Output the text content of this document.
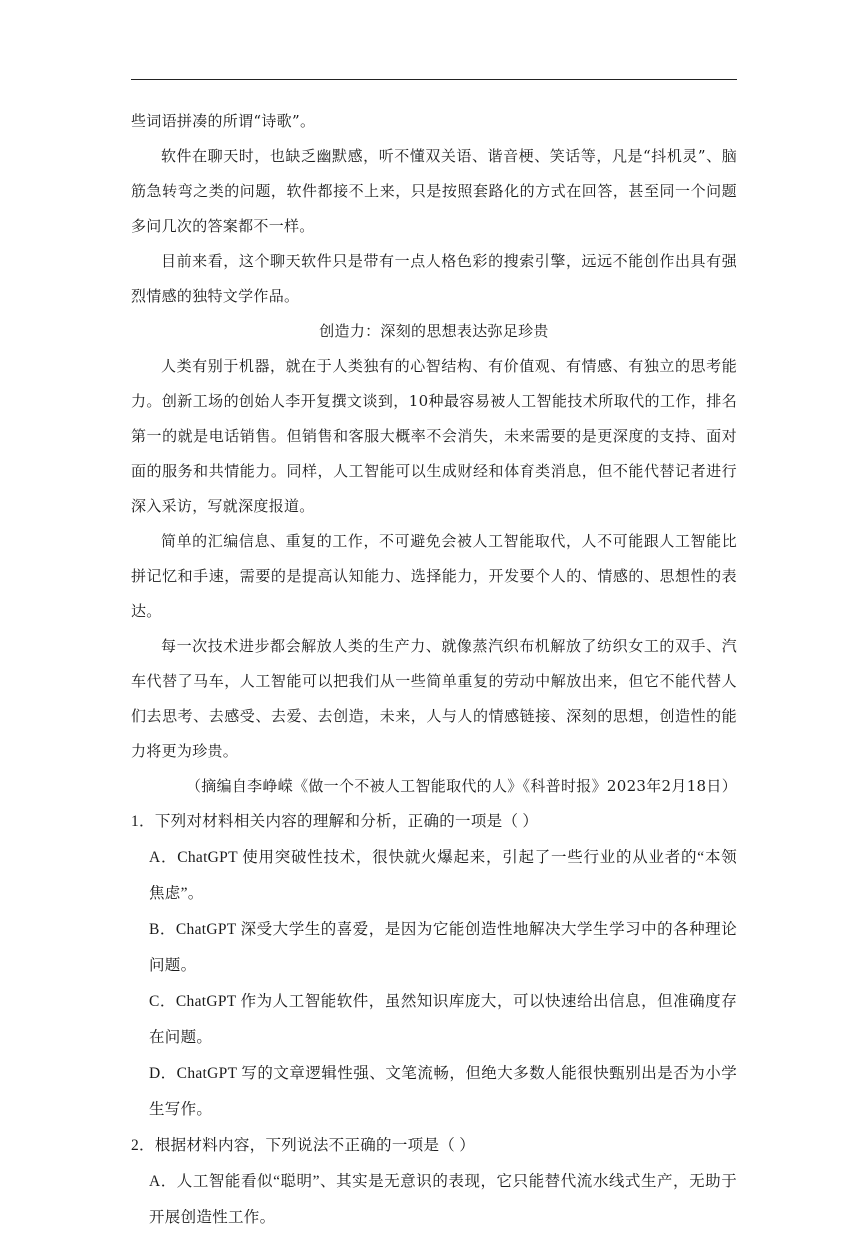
些词语拼凑的所谓“诗歌”。

软件在聊天时，也缺乏幽默感，听不懂双关语、谐音梗、笑话等，凡是“抖机灵”、脑筋急转弯之类的问题，软件都接不上来，只是按照套路化的方式在回答，甚至同一个问题多问几次的答案都不一样。

目前来看，这个聊天软件只是带有一点人格色彩的搜索引擎，远远不能创作出具有强烈情感的独特文学作品。

创造力：深刻的思想表达弥足珍贵

人类有别于机器，就在于人类独有的心智结构、有价值观、有情感、有独立的思考能力。创新工场的创始人李开复撰文谈到，10种最容易被人工智能技术所取代的工作，排名第一的就是电话销售。但销售和客服大概率不会消失，未来需要的是更深度的支持、面对面的服务和共情能力。同样，人工智能可以生成财经和体育类消息，但不能代替记者进行深入采访，写就深度报道。

简单的汇编信息、重复的工作，不可避免会被人工智能取代，人不可能跟人工智能比拼记忆和手速，需要的是提高认知能力、选择能力，开发要个人的、情感的、思想性的表达。

每一次技术进步都会解放人类的生产力、就像蒸汽织布机解放了纺织女工的双手、汽车代替了马车，人工智能可以把我们从一些简单重复的劳动中解放出来，但它不能代替人们去思考、去感受、去爱、去创造，未来，人与人的情感链接、深刻的思想，创造性的能力将更为珍贵。

（摘编自李峥嵘《做一个不被人工智能取代的人》《科普时报》2023年2月18日）

1．下列对材料相关内容的理解和分析，正确的一项是（ ）

A．ChatGPT 使用突破性技术，很快就火爆起来，引起了一些行业的从业者的“本领焦虑”。

B．ChatGPT 深受大学生的喜爱，是因为它能创造性地解决大学生学习中的各种理论问题。

C．ChatGPT 作为人工智能软件，虽然知识库庞大，可以快速给出信息，但准确度存在问题。

D．ChatGPT 写的文章逻辑性强、文笔流畅，但绝大多数人能很快甄别出是否为小学生写作。

2．根据材料内容，下列说法不正确的一项是（ ）

A．人工智能看似“聪明”、其实是无意识的表现，它只能替代流水线式生产，无助于开展创造性工作。
